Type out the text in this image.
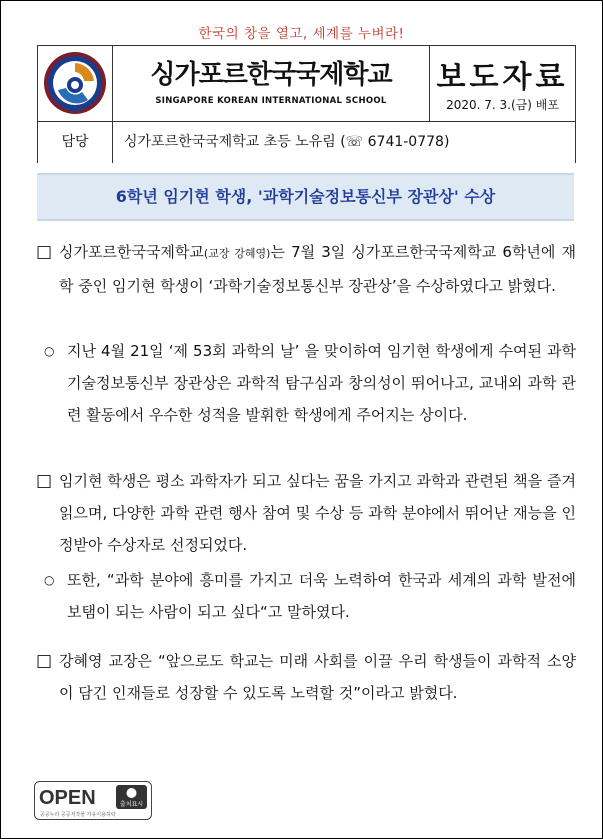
한국의 창을 열고, 세계를 누벼라!
싱가포르한국국제학교
SINGAPORE KOREAN INTERNATIONAL SCHOOL
보도자료
2020. 7. 3.(금) 배포
담당	싱가포르한국국제학교 초등 노유림 (☏ 6741-0778)
6학년 임기현 학생, '과학기술정보통신부 장관상' 수상
□ 싱가포르한국국제학교(교장 강혜영)는 7월 3일 싱가포르한국국제학교 6학년에 재학 중인 임기현 학생이 ‘과학기술정보통신부 장관상’을 수상하였다고 밝혔다.
○ 지난 4월 21일 ‘제 53회 과학의 날’ 을 맞이하여 임기현 학생에게 수여된 과학기술정보통신부 장관상은 과학적 탐구심과 창의성이 뛰어나고, 교내외 과학 관련 활동에서 우수한 성적을 발휘한 학생에게 주어지는 상이다.
□ 임기현 학생은 평소 과학자가 되고 싶다는 꿈을 가지고 과학과 관련된 책을 즐겨 읽으며, 다양한 과학 관련 행사 참여 및 수상 등 과학 분야에서 뛰어난 재능을 인정받아 수상자로 선정되었다.
○ 또한, “과학 분야에 흥미를 가지고 더욱 노력하여 한국과 세계의 과학 발전에 보탬이 되는 사람이 되고 싶다“고 말하였다.
□ 강혜영 교장은 “앞으로도 학교는 미래 사회를 이끌 우리 학생들이 과학적 소양이 담긴 인재들로 성장할 수 있도록 노력할 것”이라고 밝혔다.
OPEN	출처표시
공공누리 공공저작물 자유이용허락
